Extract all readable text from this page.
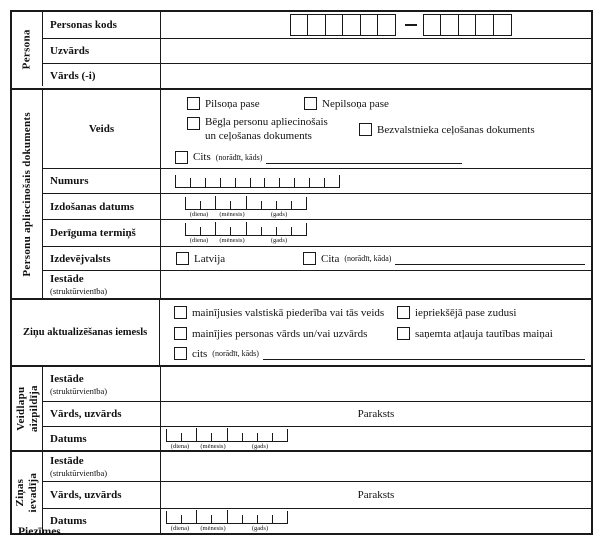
Persona
Personas kods
Uzvārds
Vārds (-i)
Personu apliecinošais dokuments	Veids
Pilsoņa pase	Nepilsoņa pase
Bēgļa personu apliecinošais
un ceļošanas dokuments	Bezvalstnieka ceļošanas dokuments
Cits (norādīt, kāds)
Numurs
Izdošanas datums
(diena)	(mēnesis)	(gads)
Derīguma termiņš
(diena)	(mēnesis)	(gads)
Izdevējvalsts	Latvija	Cita (norādīt, kāda)
Iestāde
(struktūrvienība)
Ziņu aktualizēšanas iemesls
mainījusies valstiskā piederība vai tās veids	iepriekšējā pase zudusi
mainījies personas vārds un/vai uzvārds	saņemta atļauja tautības maiņai
cits (norādīt, kāds)
Veidlapu aizpildīja
Iestāde
(struktūrvienība)
Vārds, uzvārds	Paraksts
Datums
(diena)	(mēnesis)	(gads)
Ziņas ievadīja
Iestāde
(struktūrvienība)
Vārds, uzvārds	Paraksts
Datums
(diena)	(mēnesis)	(gads)
Piezīmes.
